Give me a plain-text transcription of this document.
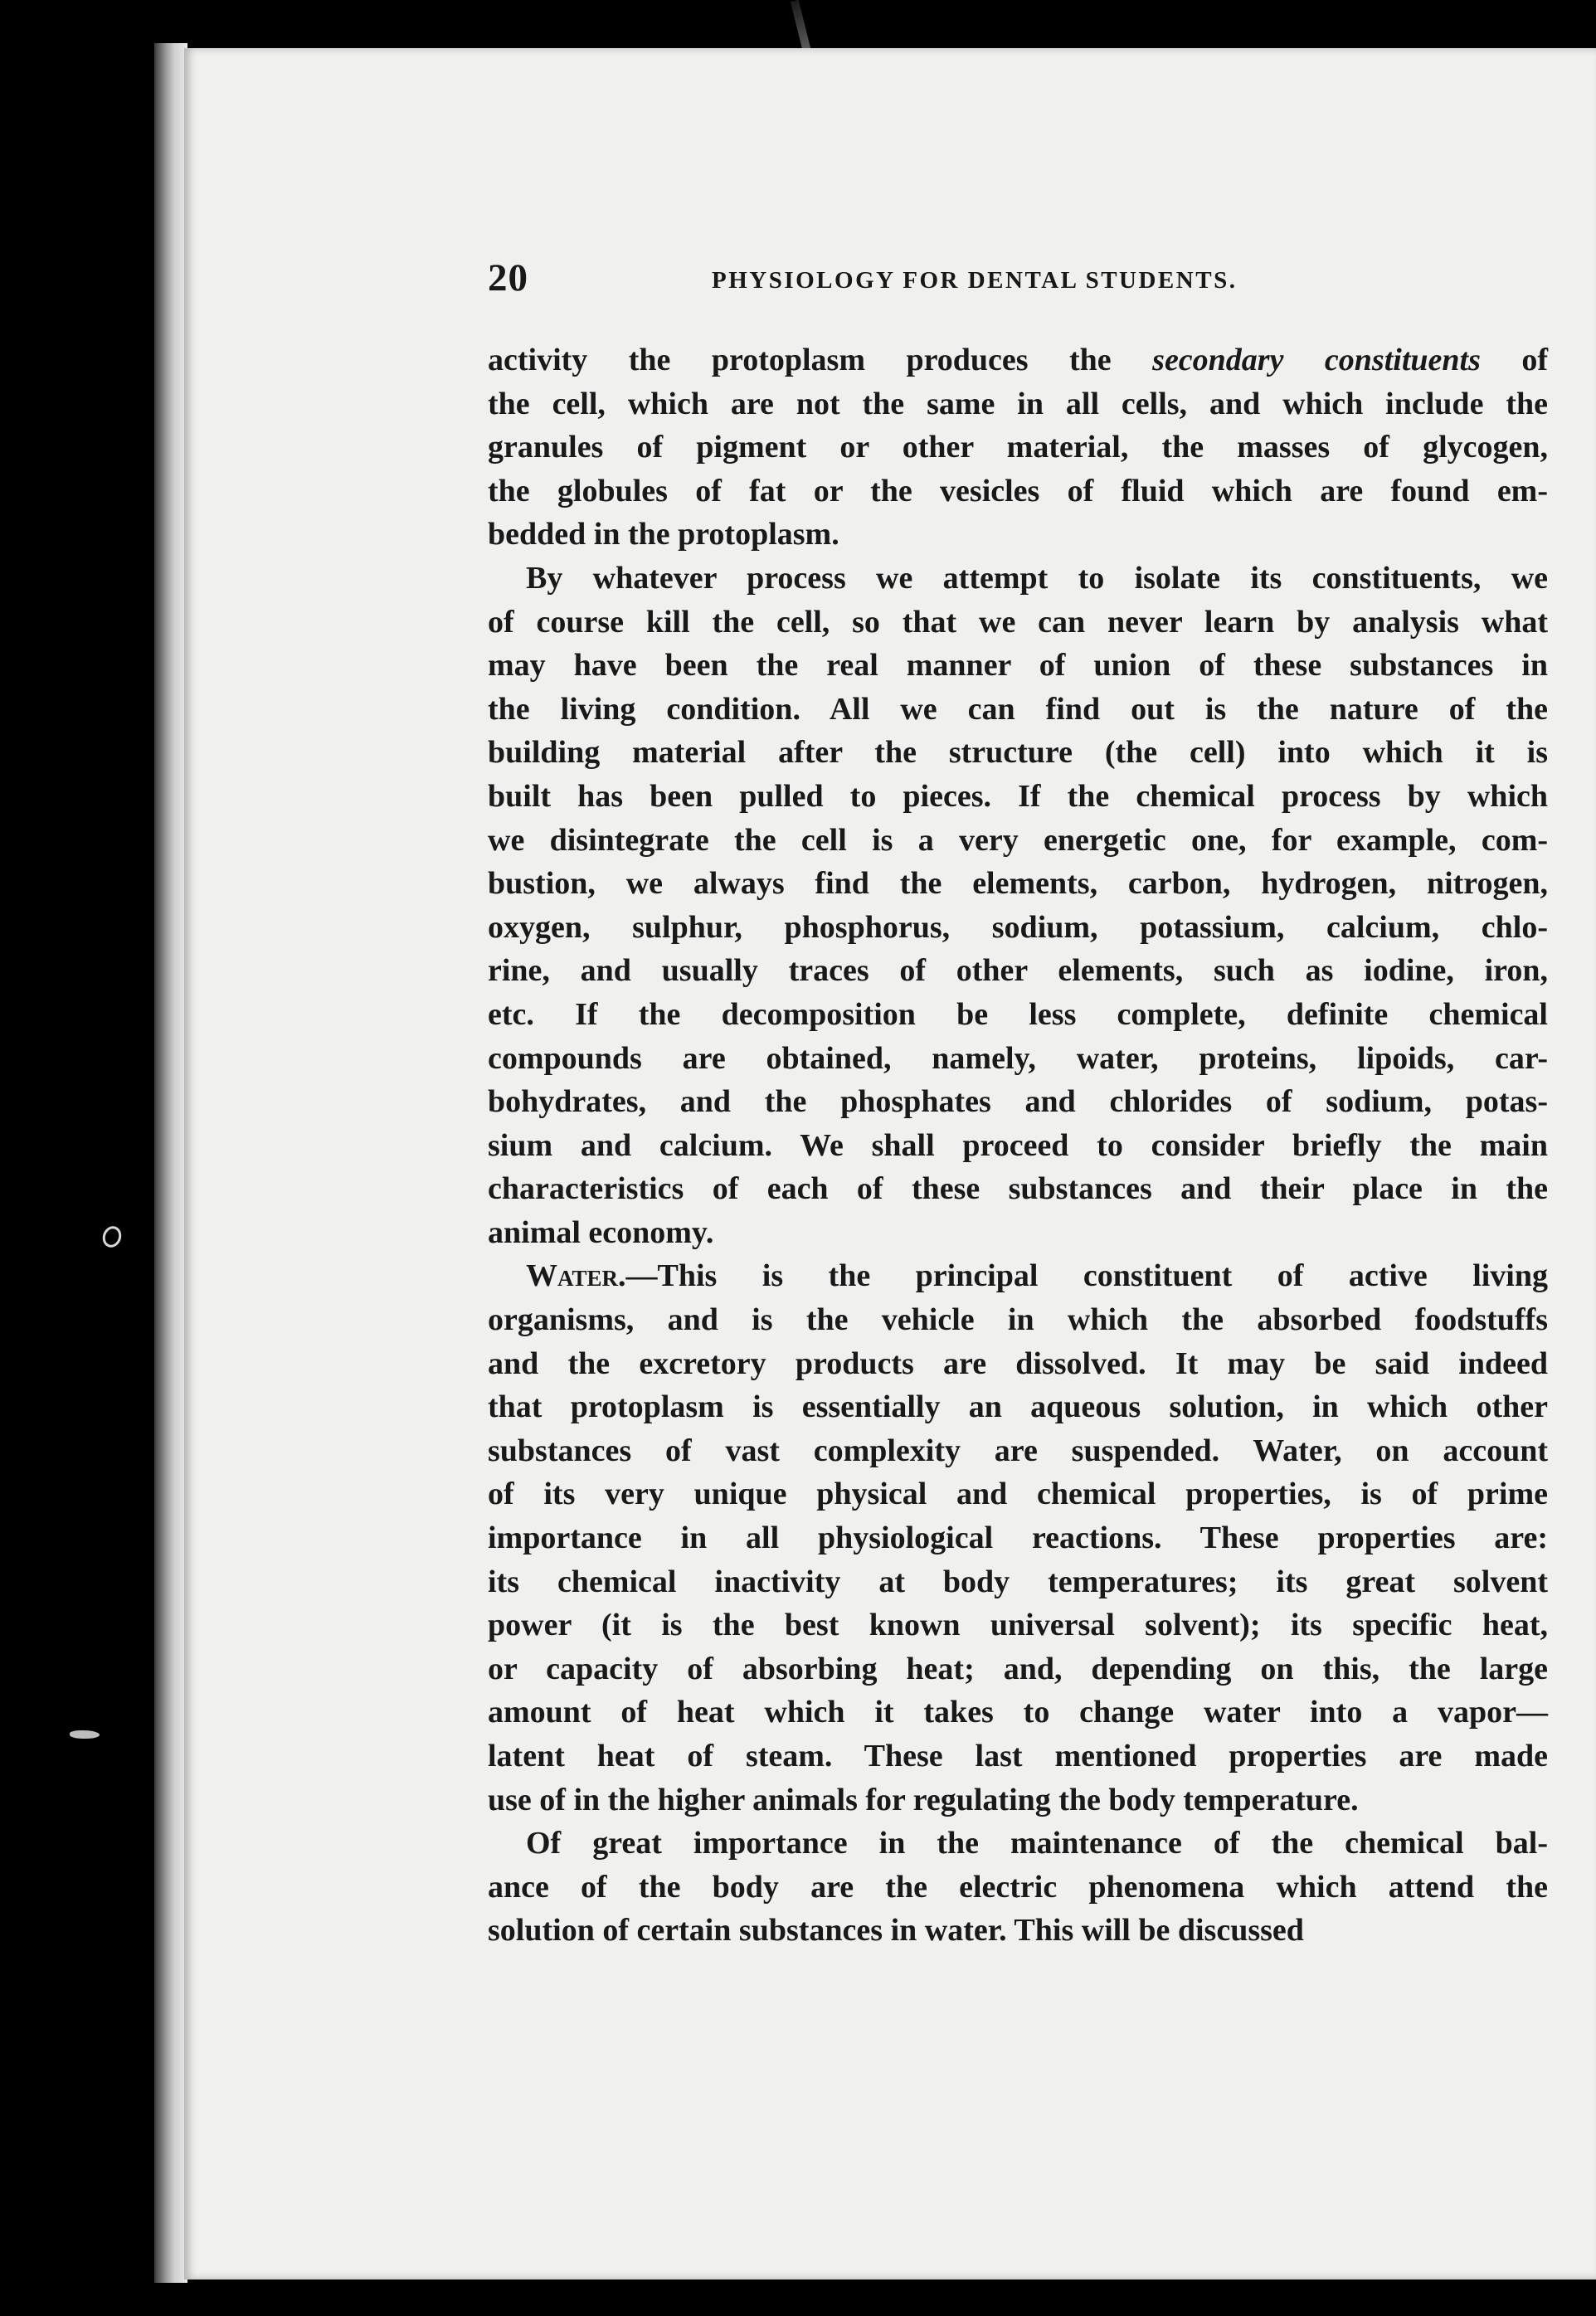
20	PHYSIOLOGY FOR DENTAL STUDENTS.
activity the protoplasm produces the secondary constituents of
the cell, which are not the same in all cells, and which include the
granules of pigment or other material, the masses of glycogen,
the globules of fat or the vesicles of fluid which are found em-
bedded in the protoplasm.
By whatever process we attempt to isolate its constituents, we
of course kill the cell, so that we can never learn by analysis what
may have been the real manner of union of these substances in
the living condition. All we can find out is the nature of the
building material after the structure (the cell) into which it is
built has been pulled to pieces. If the chemical process by which
we disintegrate the cell is a very energetic one, for example, com-
bustion, we always find the elements, carbon, hydrogen, nitrogen,
oxygen, sulphur, phosphorus, sodium, potassium, calcium, chlo-
rine, and usually traces of other elements, such as iodine, iron,
etc. If the decomposition be less complete, definite chemical
compounds are obtained, namely, water, proteins, lipoids, car-
bohydrates, and the phosphates and chlorides of sodium, potas-
sium and calcium. We shall proceed to consider briefly the main
characteristics of each of these substances and their place in the
animal economy.
Water.—This is the principal constituent of active living
organisms, and is the vehicle in which the absorbed foodstuffs
and the excretory products are dissolved. It may be said indeed
that protoplasm is essentially an aqueous solution, in which other
substances of vast complexity are suspended. Water, on account
of its very unique physical and chemical properties, is of prime
importance in all physiological reactions. These properties are:
its chemical inactivity at body temperatures; its great solvent
power (it is the best known universal solvent); its specific heat,
or capacity of absorbing heat; and, depending on this, the large
amount of heat which it takes to change water into a vapor—
latent heat of steam. These last mentioned properties are made
use of in the higher animals for regulating the body temperature.
Of great importance in the maintenance of the chemical bal-
ance of the body are the electric phenomena which attend the
solution of certain substances in water. This will be discussed
